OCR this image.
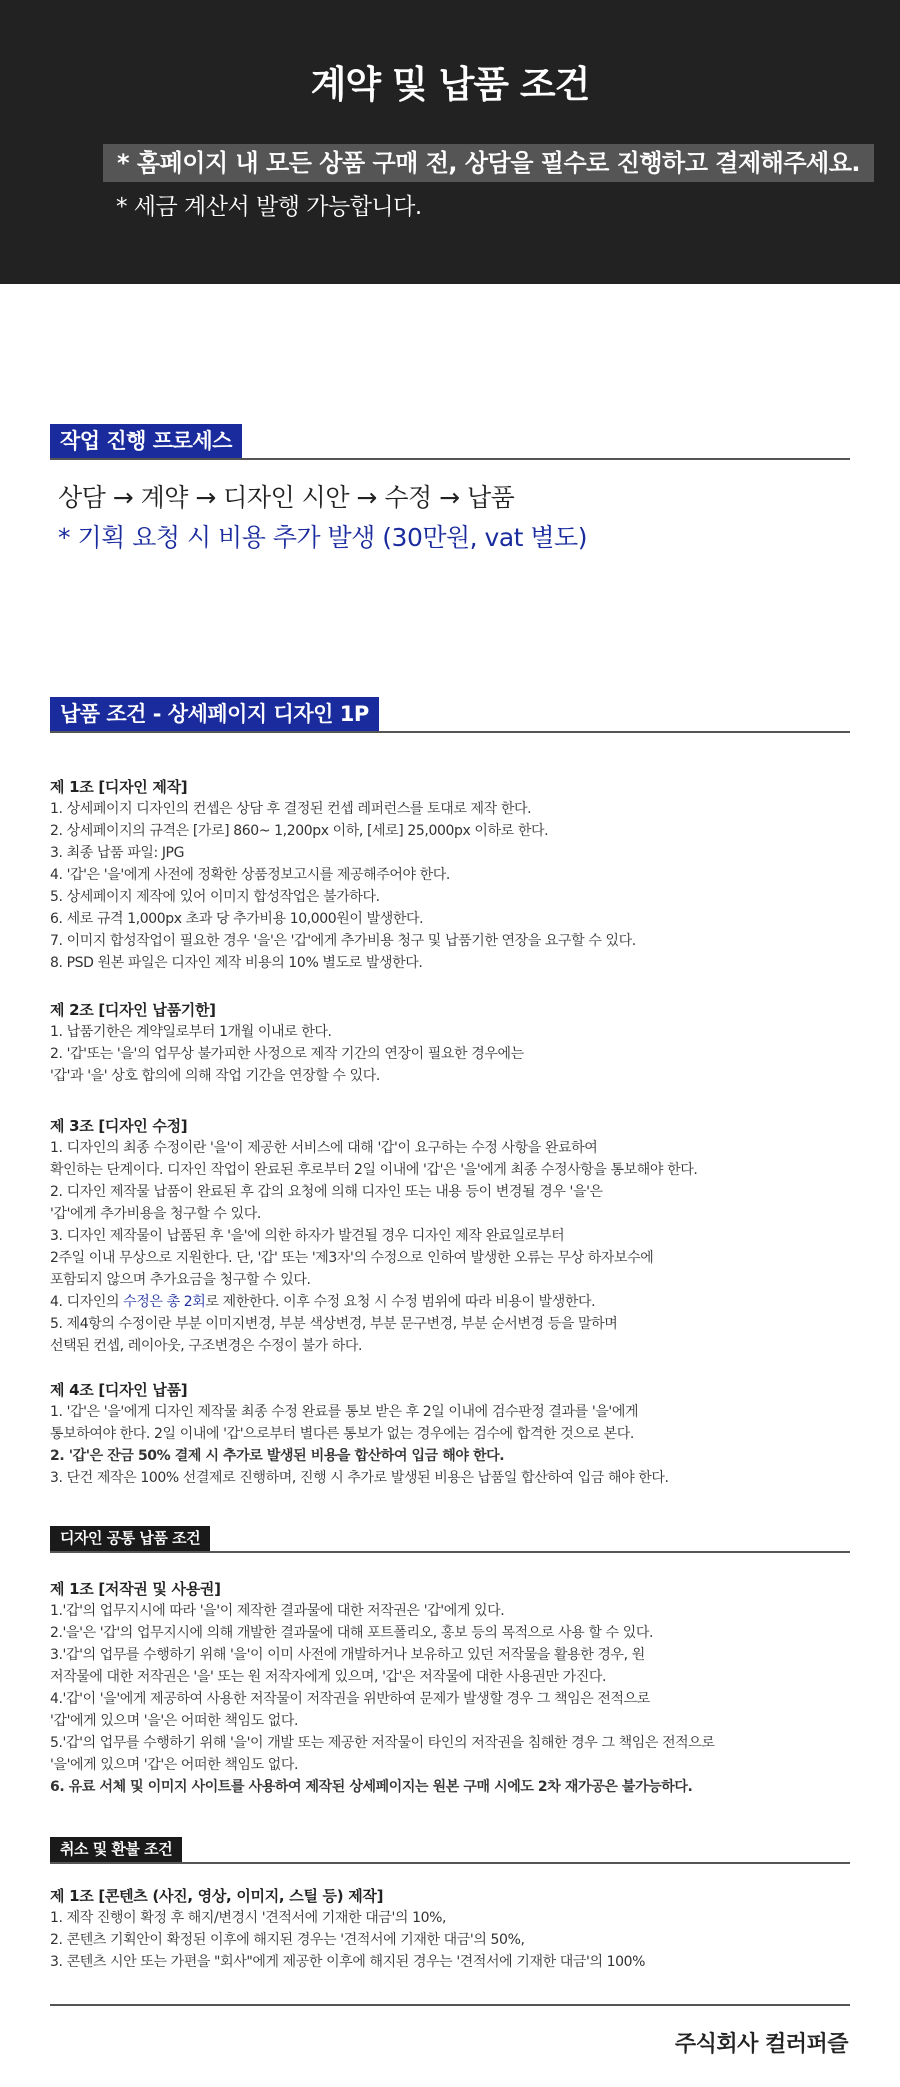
계약 및 납품 조건
* 홈페이지 내 모든 상품 구매 전, 상담을 필수로 진행하고 결제해주세요.
* 세금 계산서 발행 가능합니다.
작업 진행 프로세스
상담 → 계약 → 디자인 시안 → 수정 → 납품
* 기획 요청 시 비용 추가 발생 (30만원, vat 별도)
납품 조건 - 상세페이지 디자인 1P
제 1조 [디자인 제작]
1. 상세페이지 디자인의 컨셉은 상담 후 결정된 컨셉 레퍼런스를 토대로 제작 한다.
2. 상세페이지의 규격은 [가로] 860~ 1,200px 이하, [세로] 25,000px 이하로 한다.
3. 최종 납품 파일: JPG
4. '갑'은 '을'에게 사전에 정확한 상품정보고시를 제공해주어야 한다.
5. 상세페이지 제작에 있어 이미지 합성작업은 불가하다.
6. 세로 규격 1,000px 초과 당 추가비용 10,000원이 발생한다.
7. 이미지 합성작업이 필요한 경우 '을'은 '갑'에게 추가비용 청구 및 납품기한 연장을 요구할 수 있다.
8. PSD 원본 파일은 디자인 제작 비용의 10% 별도로 발생한다.
제 2조 [디자인 납품기한]
1. 납품기한은 계약일로부터 1개월 이내로 한다.
2. '갑'또는 '을'의 업무상 불가피한 사정으로 제작 기간의 연장이 필요한 경우에는
'갑'과 '을' 상호 합의에 의해 작업 기간을 연장할 수 있다.
제 3조 [디자인 수정]
1. 디자인의 최종 수정이란 '을'이 제공한 서비스에 대해 '갑'이 요구하는 수정 사항을 완료하여
확인하는 단계이다. 디자인 작업이 완료된 후로부터 2일 이내에 '갑'은 '을'에게 최종 수정사항을 통보해야 한다.
2. 디자인 제작물 납품이 완료된 후 갑의 요청에 의해 디자인 또는 내용 등이 변경될 경우 '을'은
'갑'에게 추가비용을 청구할 수 있다.
3. 디자인 제작물이 납품된 후 '을'에 의한 하자가 발견될 경우 디자인 제작 완료일로부터
2주일 이내 무상으로 지원한다. 단, '갑' 또는 '제3자'의 수정으로 인하여 발생한 오류는 무상 하자보수에
포함되지 않으며 추가요금을 청구할 수 있다.
4. 디자인의 수정은 총 2회로 제한한다. 이후 수정 요청 시 수정 범위에 따라 비용이 발생한다.
5. 제4항의 수정이란 부분 이미지변경, 부분 색상변경, 부분 문구변경, 부분 순서변경 등을 말하며
선택된 컨셉, 레이아웃, 구조변경은 수정이 불가 하다.
제 4조 [디자인 납품]
1. '갑'은 '을'에게 디자인 제작물 최종 수정 완료를 통보 받은 후 2일 이내에 검수판정 결과를 '을'에게
통보하여야 한다. 2일 이내에 '갑'으로부터 별다른 통보가 없는 경우에는 검수에 합격한 것으로 본다.
2. '갑'은 잔금 50% 결제 시 추가로 발생된 비용을 합산하여 입금 해야 한다.
3. 단건 제작은 100% 선결제로 진행하며, 진행 시 추가로 발생된 비용은 납품일 합산하여 입금 해야 한다.
디자인 공통 납품 조건
제 1조 [저작권 및 사용권]
1.'갑'의 업무지시에 따라 '을'이 제작한 결과물에 대한 저작권은 '갑'에게 있다.
2.'을'은 '갑'의 업무지시에 의해 개발한 결과물에 대해 포트폴리오, 홍보 등의 목적으로 사용 할 수 있다.
3.'갑'의 업무를 수행하기 위해 '을'이 이미 사전에 개발하거나 보유하고 있던 저작물을 활용한 경우, 원
저작물에 대한 저작권은 '을' 또는 원 저작자에게 있으며, '갑'은 저작물에 대한 사용권만 가진다.
4.'갑'이 '을'에게 제공하여 사용한 저작물이 저작권을 위반하여 문제가 발생할 경우 그 책임은 전적으로
'갑'에게 있으며 '을'은 어떠한 책임도 없다.
5.'갑'의 업무를 수행하기 위해 '을'이 개발 또는 제공한 저작물이 타인의 저작권을 침해한 경우 그 책임은 전적으로
'을'에게 있으며 '갑'은 어떠한 책임도 없다.
6. 유료 서체 및 이미지 사이트를 사용하여 제작된 상세페이지는 원본 구매 시에도 2차 재가공은 불가능하다.
취소 및 환불 조건
제 1조 [콘텐츠 (사진, 영상, 이미지, 스틸 등) 제작]
1. 제작 진행이 확정 후 해지/변경시 '견적서에 기재한 대금'의 10%,
2. 콘텐츠 기획안이 확정된 이후에 해지된 경우는 '견적서에 기재한 대금'의 50%,
3. 콘텐츠 시안 또는 가편을 "회사"에게 제공한 이후에 해지된 경우는 '견적서에 기재한 대금'의 100%
주식회사 컬러퍼즐
